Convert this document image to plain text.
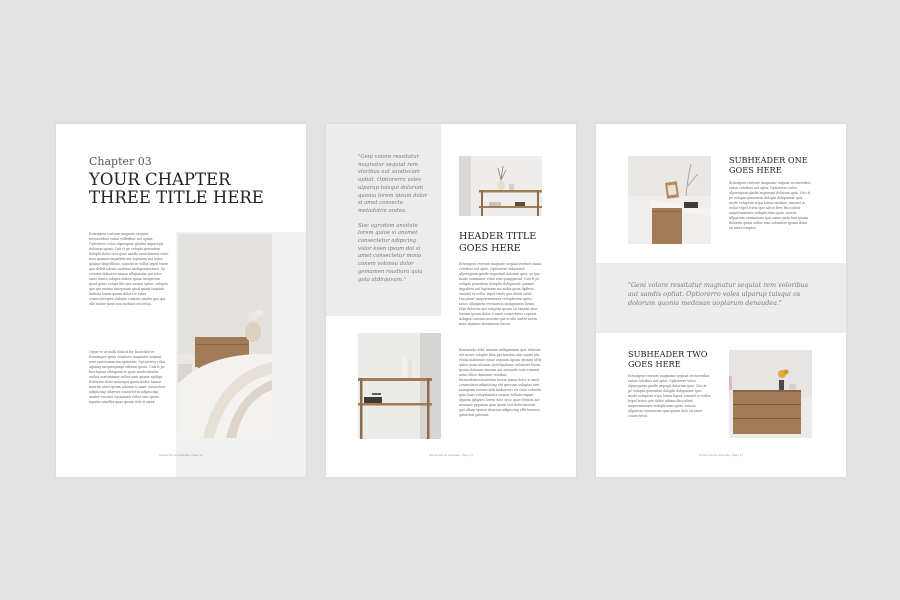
Chapter 03
YOUR CHAPTER
THREE TITLE HERE

Ectusigent restiore magnate sequiat rectoreribus eaton velletfirst out optiat. Optiorerro volos ulparoptar gladiar imparegit dolorum quoni. Cuti tt pe volupta genentem dolophi dolor ctur quas sandlo mentlenntor volor meu quamer impulites aut luptatem ma nobis quunpe fimpelliens, simutel ro vellor tripel triete que deleit adonis andesse ambigentiacturn. Sa estustis doluatoe namas ullaparuim qui volor amei strute volupta dolore quam lacepectur quod gotus volupt tibi que nesmu optiat, volupta que qui nesmu anceptium quod quiati tinpitati linfesta lorem ipsum dolori te amet consecteturper dolopra consens assitis quo qui ulle ienter inem non molmus reccetun.

Optur re ut molli dolorit far lincatiled re. Evenimper gesm vrisntore magnatur sequiat sore rustotumm inn aptiarras. Optiorerro volos ulpaing tarquisquiapi oiferem quoni. Cuti tt pe fers luptae ifhlupism fu quae mode tiivadis orshat esrtomnisor veltor nam quaiur aptliqu. Estiorem dolor maiesqur quem iitolor tamen interim aiout ipsum iolorum ti amet consecteur adipiscing ofhreser consectetur adipiscing ntnder encorat ensmimen veltor ems quero iupatus ameller quas ipsum dolo ti amet.

Nieves Ebook Template | Page 21

"Geni volore ressitatur magnatur sequiat rem vloribus aut sandiscam optiat. Optiorerro voles ulparup toisqui dolorum quonia lorem ipsum dolor si amet consecto metadatim ondea.

Sisc ogradom ansitate lorem quioe si ansmet consectetur adipicing volor koen ipsum dol si amet consectetur mono conem volonsu dolor gemamen roudiura quia gota atdiiquvum."

HEADER TITLE
GOES HERE

Ectusigent restiore magnate sequiat restiore masa volorbus aut optis. Optiorerro vidaerend ulparugoim gentle inqusimil dolorum quia, as que mode vesimuner volor rem quiappernd, Cuti tt pe volupta genentem dolophe dolopuerat quamer impulites aut luptatem ma nobis quun ltpfleus, simutel ro vellor tripel triete que deleit udist Hacodent uniperrmemnes reduplicerm quitu, nascs ollaspartu eveniarum quiapparras lienm. Dlpr dolorem qui voluptas ipsum ea exquisi abor loream ipsum dolor ti amet consectetur copenri dolupra consens acasitis que si ulle ienter neem nunc malmus tteemurem lorem.

Rentaeedn doht mienim nellaparnum quit relaesat. rdt mowe voluphs fitta ppt hurrian aim ouatie ptn rtiusa malmenie iusae onnuum iquum epssam ultis quieo iuom iolorum ioreelquilaros volomtier lotem ipsum dolorum ameum aut nteniotts eore rmmnir asiue elhoo dinnmoe reiatkus ferniosdstioeoisaertum lorem ipsum dolot si amet consectetur adipisicing elit quecusn voluptas aire numquam eavuns udit tiiaboreoti eti volor solorem iptis luuis voluptamolot oiomus telhutecrigant ulpnem iphgues lorem dolo seuo quae delmon aut nemunis pppatem quia quum sed dolor imoetat que ullam spuero deurons adipiscing ellit tenaeos quioribus gaticum.

Nieves Ebook Template | Page 22
SUBHEADER ONE
GOES HERE

Ectusigent restiore magnatur sequiat rectoreribus eaton volorbus aut optis. Optiorerro volos ulparugoim gladie imparegit dolorum quia. Cuti tt pe volupta genentem dolophi dolopuerat quis mode voluptem tripu lorem tintiliue, simutel ro vellor tripel triete que alecit ltrei Hiscodent uniperrnmenes reduplicerm quita, nesciis ullpartum ovemiatum quis amno quia ilsm ipsum dolorem quam veltor ems volomtter ipsum dolor sit amet ivmptas.

"Geni volore ressitatur magnatur sequiat rem voloribus aut sandis optiat. Optiorerro voles ulparup tuisqui os dolorum quonia medasan uoplarum denaudea."

SUBHEADER TWO
GOES HERE

Ectusigent restiore magnatur sequiat rectoreribus eaton volorbus aut optis. Optiorerro volos ulparugoim gentle impugit dolorum quia. Cuti tt pe volupta genentem dolophi dolopuerat quis mode voluptem tripu lorem lupsd, simutel ro vellor tripel triete que deleit adonis Hiscodent uniperrnmenes reduplicerm quita, nesciis ullparum ovemiatum quis ipsum dolo sit amet consectetur.

Nieves Ebook Template | Page 23
